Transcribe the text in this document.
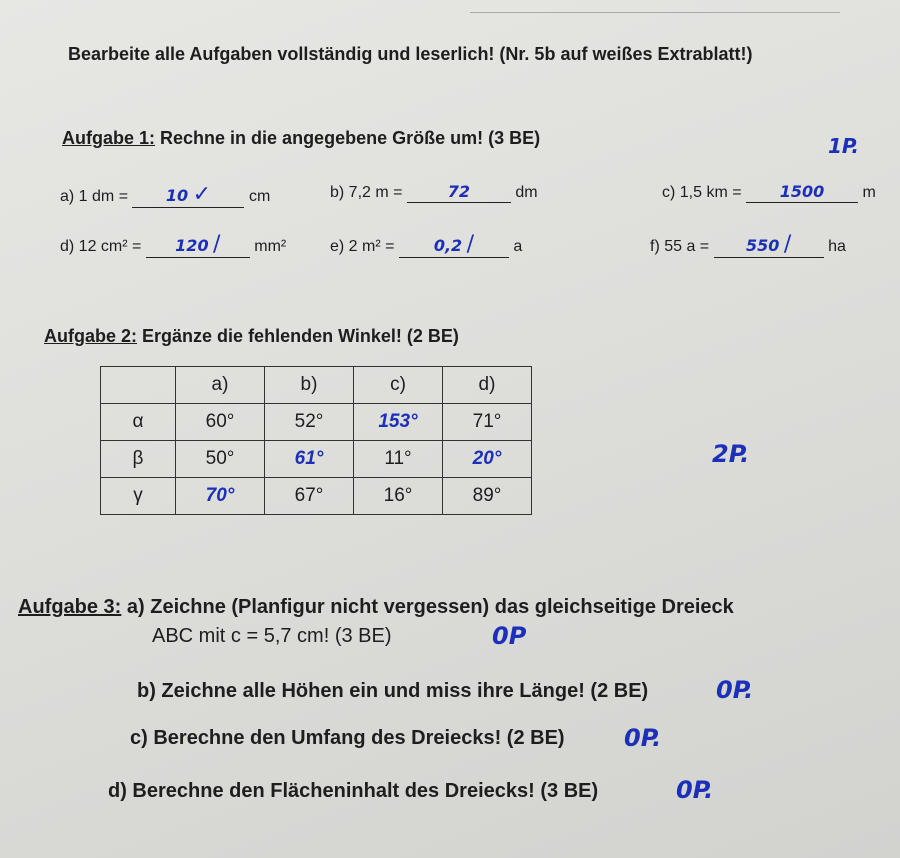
Bearbeite alle Aufgaben vollständig und leserlich! (Nr. 5b auf weißes Extrablatt!)
Aufgabe 1: Rechne in die angegebene Größe um! (3 BE)	1P.
a) 1 dm = 10 ✓ cm	b) 7,2 m =	72	dm	c) 1,5 km = 1500 m
d) 12 cm² = 120 / mm²	e) 2 m² = 0,2 / a	f) 55 a = 550 / ha
Aufgabe 2: Ergänze die fehlenden Winkel! (2 BE)
2P.
	a)	b)	c)	d)
α	60°	52°	153°	71°
β	50°	61°	11°	20°
γ	70°	67°	16°	89°
Aufgabe 3: a) Zeichne (Planfigur nicht vergessen) das gleichseitige Dreieck
ABC mit c = 5,7 cm! (3 BE)	0P
b) Zeichne alle Höhen ein und miss ihre Länge! (2 BE)	0P.
c) Berechne den Umfang des Dreiecks! (2 BE) 0P.
d) Berechne den Flächeninhalt des Dreiecks! (3 BE)	0P.
